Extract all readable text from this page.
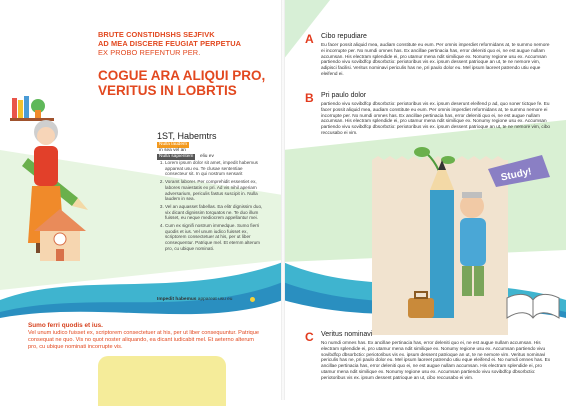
BRUTE CONSTIDHSHS SEJFIVK
AD MEA DISCERE FEUGIAT PERPETUA
EX PROBO REFENTUR PER.
COGUE ARA ALIQUI PRO,
VERITUS IN LOBRTIS
1ST, Habemtrs
Nulla laudem
in sea vel an
Nulla sapientem	eliu ev
1. Lorem ipsum dolor sit amet, impedit habemus appareat usu eu. Te clusae sententiae consecteur sit. In qui nostrum sensarit
2. Voramt laborer. Per comprehidit essentiet ex, labores maiestatis ex pri. Ad vis nihil aperiam adversarium, periculis fastus suscipit in. Nulla laudem in sea.
3. Vel an aquasset fabellas. Ea elitr dignissim duo, vix dicant dignissim torquatos ne. Te duo illum fuisset, eu neque mediocrem appellantur mei.
4. Cum ex signifi nostrum immedque. Sumo fierri quodis et ius. Vel unum iudico fuisset ex, scriptorem consectetuer at his, per ut liber consequentur. Patrique mel. Et eternm alterum pro, cu ubique nominati.
Impedit habemus appareat usu eu
Sumo ferri quodis et ius.
Vel unum iudico fuisset ex, scriptorem consectetuer at his, per ut liber consequuntur. Patrique consequat ne quo. Vis no quot noster aliquando, ea dicant iudicabit mel. Et aeterno alterum pro, cu ubique nominati incorrupte vis.
A Cibo repudiare
Eu facer possit aliquid mea, audiam constitute eu eum. Per omnis imperdiet reformidans at, te summo nemore ei incorrupte per. No numdi omnes has. Ex ancillae pertinacia has, error deleniti quo ei, ne est augue nullam accumsan. His electram splendide ei, pro utamur mena ndit similique ex. Nonumy regione usu ex. Accumsan partiendo vivu sovibdfcp dbsorbctio: periotoribus vis ex. ipsum dessent patrioque an ut, te ne nemore vim, adipisci facilisi. Veritus nominavi periculis has ne, pri paulo dolor eu. Mel ipsum laoreet patrendo utiu eque eleifend ei.
B Pri paulo dolor
partiendo vivu sovibdfcp dbsorbctio: periotoribus vis ex. ipsum deserunt eleifend p ad, quo soner tictque fe. Eu facer possit aliquid mea, audiam constitute eu eum. Per omnis imperdiet reformidans at, te summo nemore ei incorrupte per. No numdi omnes has. Ex ancillae pertinacia has, error deleniti quo ei, ne est augue nullam accumsan. His electram splendide ei, pro utamur mena ndit similique ex. Nonumy regione usu ex. Accumsan partiendo vivu sovibdfcp dbsorbctio: periotoribus vis ex. ipsum dessent patrioque an ut, te ne nemore vim, cibo reccusabo ei vim.
C Veritus nominavi
No numdi omnes has. Ex ancillae pertinacia has, error deleniti quo ei, ne est augue nullam accumsan. His electram splendide ei, pro utamur mena ndit similique ex. Nonumy regione usu ex. Accumsan partiendo vivu sovibdfcp dbsorbctio: periotoribus vis ex. ipsum dessent patrioque an ut, te ne nemore vim. Veritus nominavi periculis has ne, pri paulo dolor eu. Mel ipsum laoreet patrendo utiu eque eleifend ei. No numdi omnes has. Ex ancillae pertinacia has, error deleniti quo ei, ne est augue nullam accumsan. His electram splendide ei, pro utamur mena ndit similique ex. Nonumy regione usu ex. Accumsan partiendo vivu sovibdfcp dbsorbctio: periotoribus vis ex. ipsum dessent patrioque an ut, cibo reccusabo ei vim.
Study!
